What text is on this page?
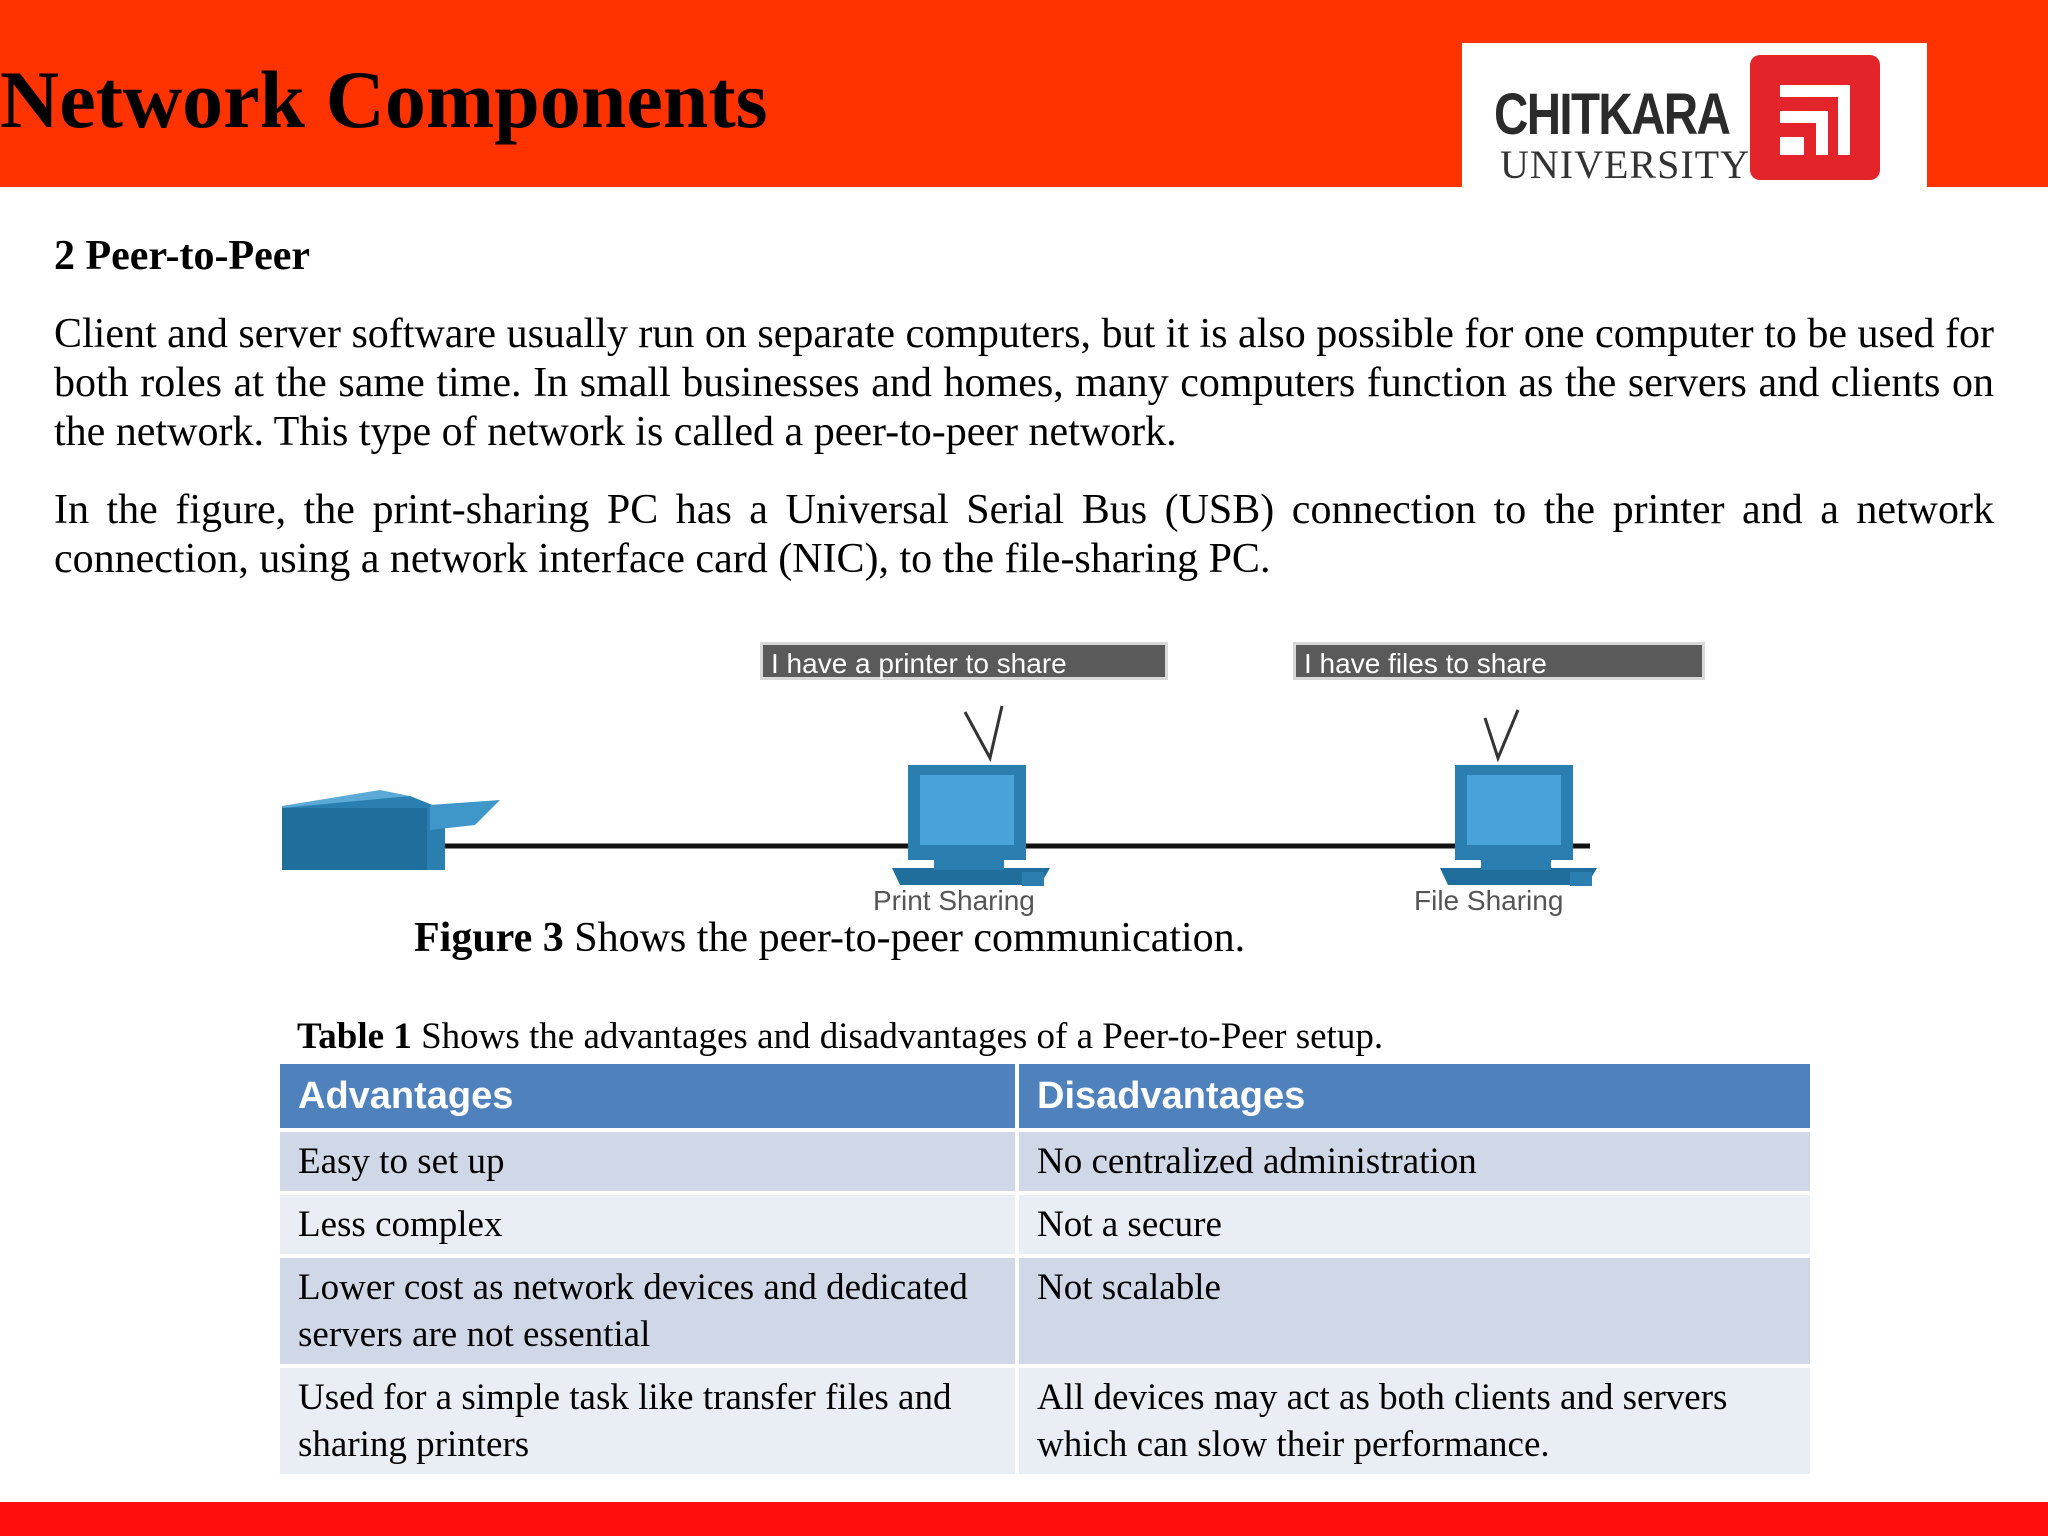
Network Components	CHITKARA
UNIVERSITY
2 Peer-to-Peer
Client and server software usually run on separate computers, but it is also possible for one computer to be used for both roles at the same time. In small businesses and homes, many computers function as the servers and clients on the network. This type of network is called a peer-to-peer network.
In the figure, the print-sharing PC has a Universal Serial Bus (USB) connection to the printer and a network connection, using a network interface card (NIC), to the file-sharing PC.
I have a printer to share	I have files to share
Print Sharing	File Sharing
Figure 3 Shows the peer-to-peer communication.
Table 1 Shows the advantages and disadvantages of a Peer-to-Peer setup.
Advantages	Disadvantages
Easy to set up	No centralized administration
Less complex	Not a secure
Lower cost as network devices and dedicated servers are not essential	Not scalable
Used for a simple task like transfer files and sharing printers	All devices may act as both clients and servers which can slow their performance.
